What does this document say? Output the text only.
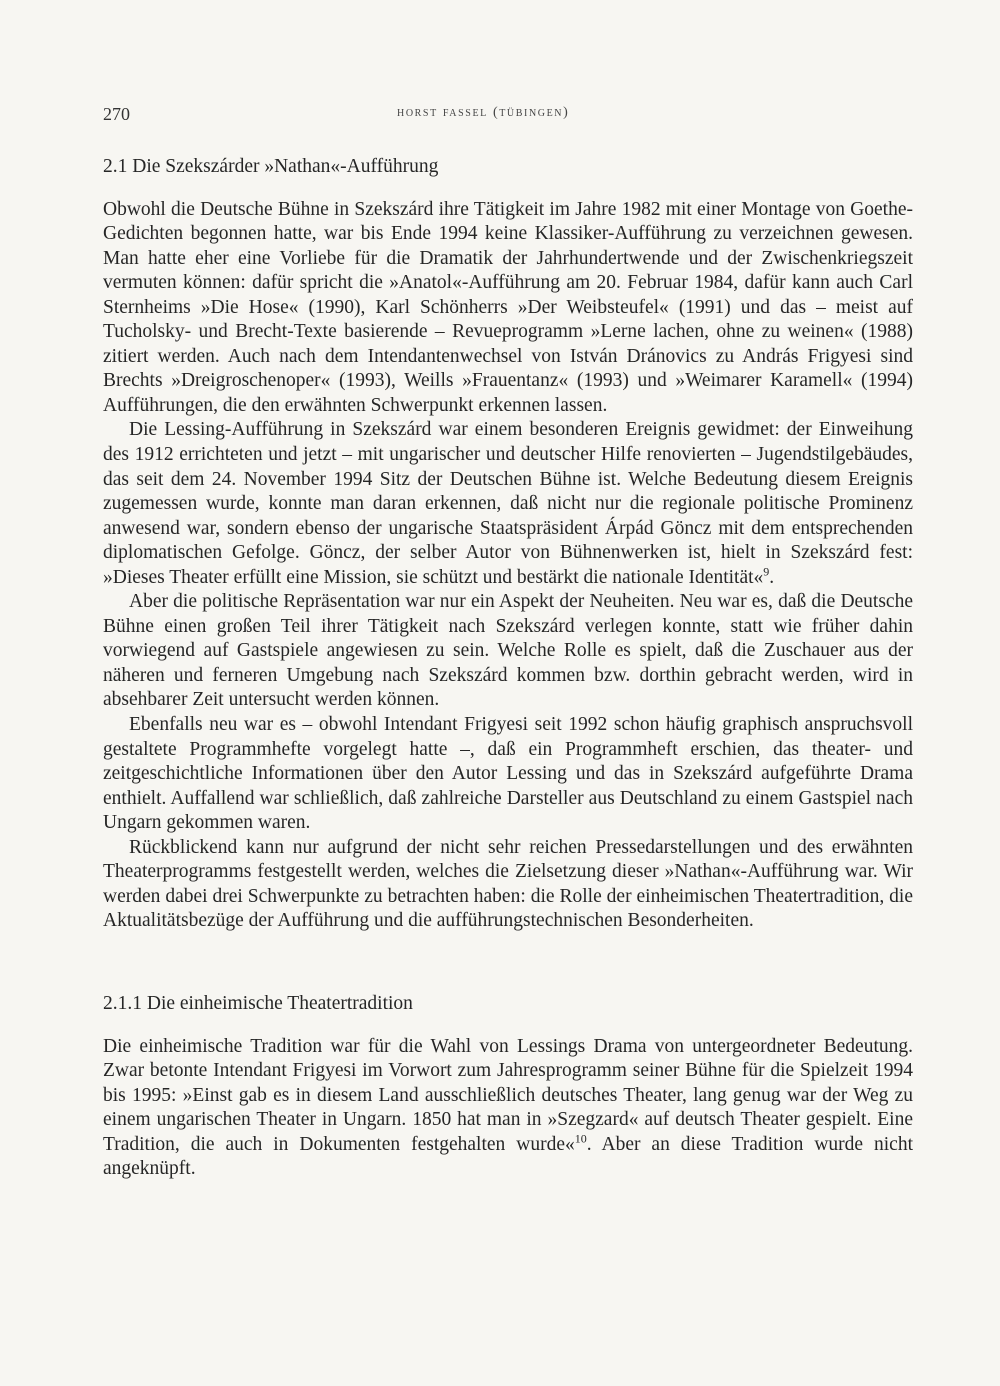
270	horst fassel (tübingen)
2.1 Die Szekszárder »Nathan«-Aufführung

Obwohl die Deutsche Bühne in Szekszárd ihre Tätigkeit im Jahre 1982 mit einer Montage von Goethe-Gedichten begonnen hatte, war bis Ende 1994 keine Klassiker-Aufführung zu verzeichnen gewesen. Man hatte eher eine Vorliebe für die Dramatik der Jahrhundertwende und der Zwischenkriegszeit vermuten können: dafür spricht die »Anatol«-Aufführung am 20. Februar 1984, dafür kann auch Carl Sternheims »Die Hose« (1990), Karl Schönherrs »Der Weibsteufel« (1991) und das – meist auf Tucholsky- und Brecht-Texte basierende – Revueprogramm »Lerne lachen, ohne zu weinen« (1988) zitiert werden. Auch nach dem Intendantenwechsel von István Dránovics zu András Frigyesi sind Brechts »Dreigroschenoper« (1993), Weills »Frauentanz« (1993) und »Weimarer Karamell« (1994) Aufführungen, die den erwähnten Schwerpunkt erkennen lassen.

Die Lessing-Aufführung in Szekszárd war einem besonderen Ereignis gewidmet: der Einweihung des 1912 errichteten und jetzt – mit ungarischer und deutscher Hilfe renovierten – Jugendstilgebäudes, das seit dem 24. November 1994 Sitz der Deutschen Bühne ist. Welche Bedeutung diesem Ereignis zugemessen wurde, konnte man daran erkennen, daß nicht nur die regionale politische Prominenz anwesend war, sondern ebenso der ungarische Staatspräsident Árpád Göncz mit dem entsprechenden diplomatischen Gefolge. Göncz, der selber Autor von Bühnenwerken ist, hielt in Szekszárd fest: »Dieses Theater erfüllt eine Mission, sie schützt und bestärkt die nationale Identität«$^9$.

Aber die politische Repräsentation war nur ein Aspekt der Neuheiten. Neu war es, daß die Deutsche Bühne einen großen Teil ihrer Tätigkeit nach Szekszárd verlegen konnte, statt wie früher dahin vorwiegend auf Gastspiele angewiesen zu sein. Welche Rolle es spielt, daß die Zuschauer aus der näheren und ferneren Umgebung nach Szekszárd kommen bzw. dorthin gebracht werden, wird in absehbarer Zeit untersucht werden können.

Ebenfalls neu war es – obwohl Intendant Frigyesi seit 1992 schon häufig graphisch anspruchsvoll gestaltete Programmhefte vorgelegt hatte –, daß ein Programmheft erschien, das theater- und zeitgeschichtliche Informationen über den Autor Lessing und das in Szekszárd aufgeführte Drama enthielt. Auffallend war schließlich, daß zahlreiche Darsteller aus Deutschland zu einem Gastspiel nach Ungarn gekommen waren.

Rückblickend kann nur aufgrund der nicht sehr reichen Pressedarstellungen und des erwähnten Theaterprogramms festgestellt werden, welches die Zielsetzung dieser »Nathan«-Aufführung war. Wir werden dabei drei Schwerpunkte zu betrachten haben: die Rolle der einheimischen Theatertradition, die Aktualitätsbezüge der Aufführung und die aufführungstechnischen Besonderheiten.

2.1.1 Die einheimische Theatertradition

Die einheimische Tradition war für die Wahl von Lessings Drama von untergeordneter Bedeutung. Zwar betonte Intendant Frigyesi im Vorwort zum Jahresprogramm seiner Bühne für die Spielzeit 1994 bis 1995: »Einst gab es in diesem Land ausschließlich deutsches Theater, lang genug war der Weg zu einem ungarischen Theater in Ungarn. 1850 hat man in »Szegzard« auf deutsch Theater gespielt. Eine Tradition, die auch in Dokumenten festgehalten wurde«$^{10}$. Aber an diese Tradition wurde nicht angeknüpft.
